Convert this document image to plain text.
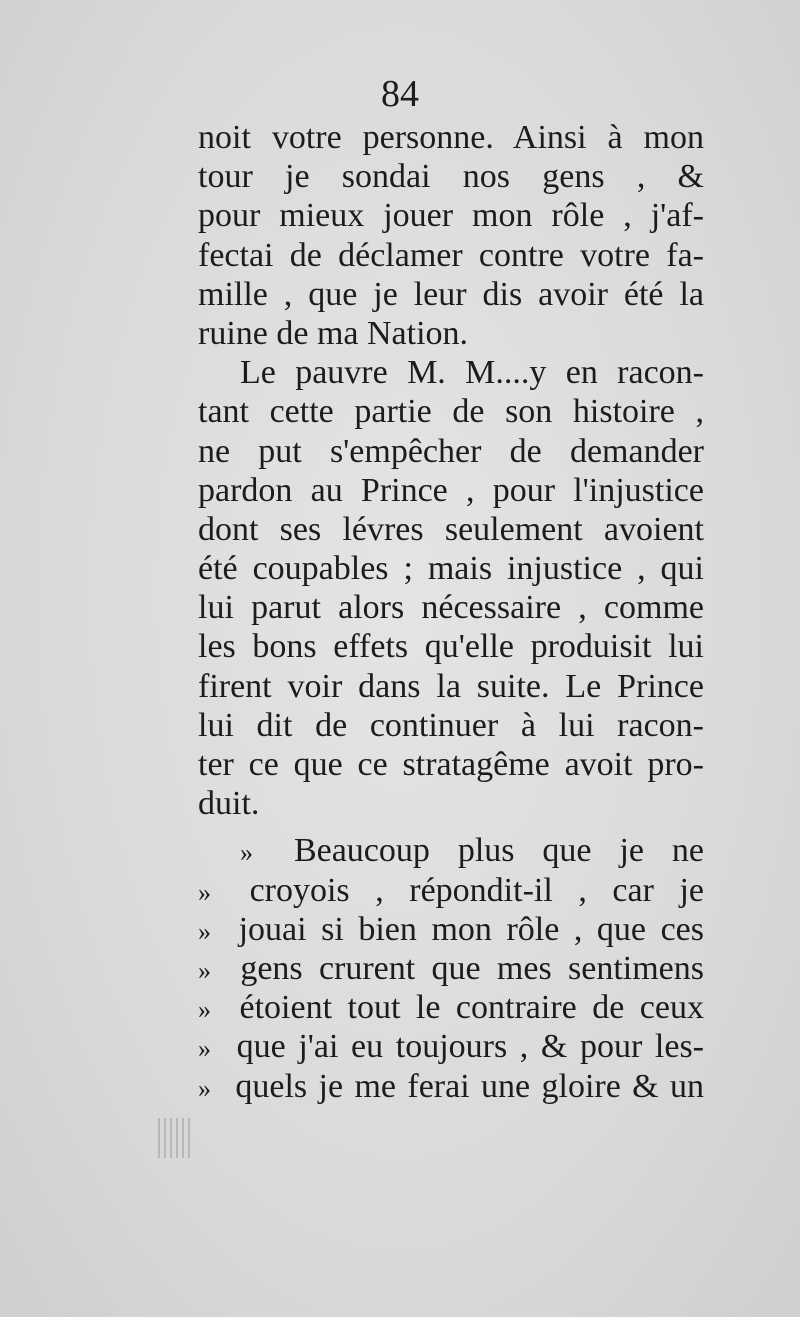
84
noit votre personne. Ainsi à mon
tour je sondai nos gens , &
pour mieux jouer mon rôle , j'af-
fectai de déclamer contre votre fa-
mille , que je leur dis avoir été la
ruine de ma Nation.
Le pauvre M. M....y en racon-
tant cette partie de son histoire ,
ne put s'empêcher de demander
pardon au Prince , pour l'injustice
dont ses lévres seulement avoient
été coupables ; mais injustice , qui
lui parut alors nécessaire , comme
les bons effets qu'elle produisit lui
firent voir dans la suite. Le Prince
lui dit de continuer à lui racon-
ter ce que ce stratagême avoit pro-
duit.
» Beaucoup plus que je ne
» croyois , répondit-il , car je
» jouai si bien mon rôle , que ces
» gens crurent que mes sentimens
» étoient tout le contraire de ceux
» que j'ai eu toujours , & pour les-
» quels je me ferai une gloire & un
